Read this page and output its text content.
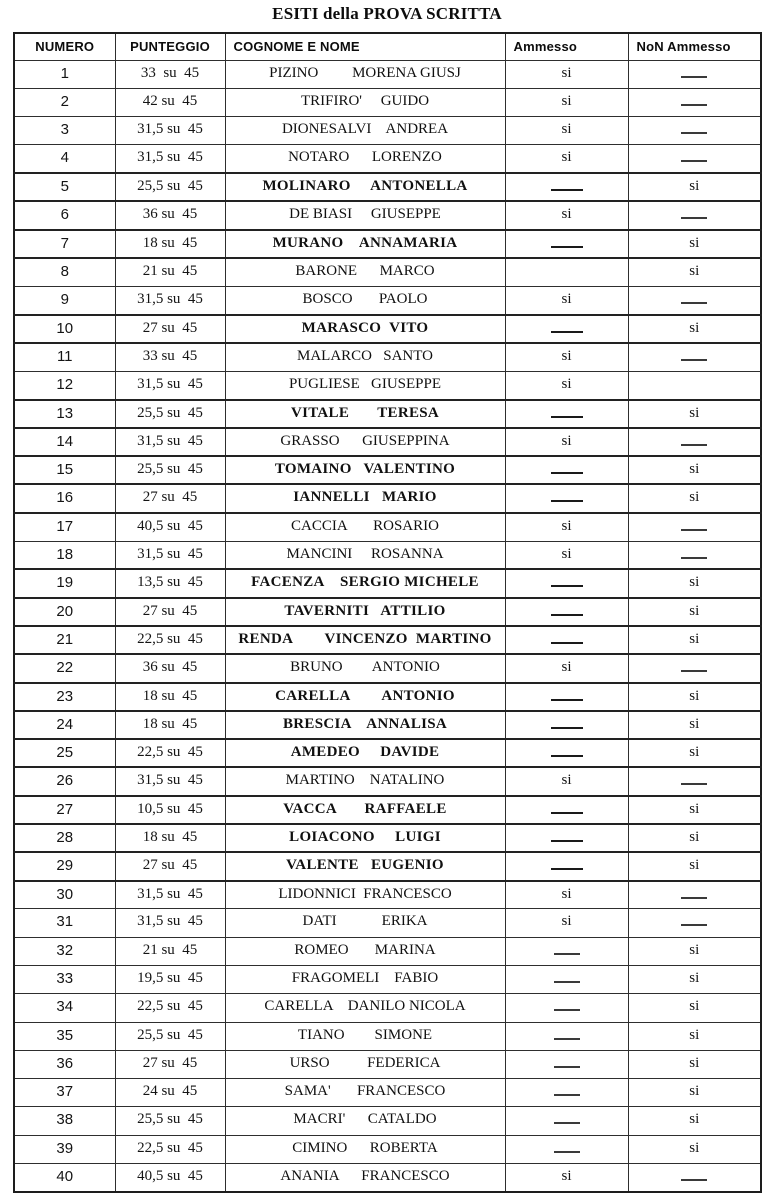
ESITI della PROVA SCRITTA
NUMERO	PUNTEGGIO	COGNOME E NOME	Ammesso	NoN Ammesso
1	33  su  45	PIZINO         MORENA GIUSJ	si	
2	42 su  45	TRIFIRO'     GUIDO	si	
3	31,5 su  45	DIONESALVI    ANDREA	si	
4	31,5 su  45	NOTARO      LORENZO	si	
5	25,5 su  45	MOLINARO     ANTONELLA		si
6	36 su  45	DE BIASI     GIUSEPPE	si	
7	18 su  45	MURANO    ANNAMARIA		si
8	21 su  45	BARONE      MARCO		si
9	31,5 su  45	BOSCO       PAOLO	si	
10	27 su  45	MARASCO  VITO		si
11	33 su  45	MALARCO   SANTO	si	
12	31,5 su  45	PUGLIESE   GIUSEPPE	si	
13	25,5 su  45	VITALE       TERESA		si
14	31,5 su  45	GRASSO      GIUSEPPINA	si	
15	25,5 su  45	TOMAINO   VALENTINO		si
16	27 su  45	IANNELLI   MARIO		si
17	40,5 su  45	CACCIA       ROSARIO	si	
18	31,5 su  45	MANCINI     ROSANNA	si	
19	13,5 su  45	FACENZA    SERGIO MICHELE		si
20	27 su  45	TAVERNITI   ATTILIO		si
21	22,5 su  45	RENDA        VINCENZO  MARTINO		si
22	36 su  45	BRUNO        ANTONIO	si	
23	18 su  45	CARELLA        ANTONIO		si
24	18 su  45	BRESCIA    ANNALISA		si
25	22,5 su  45	AMEDEO     DAVIDE		si
26	31,5 su  45	MARTINO    NATALINO	si	
27	10,5 su  45	VACCA       RAFFAELE		si
28	18 su  45	LOIACONO     LUIGI		si
29	27 su  45	VALENTE   EUGENIO		si
30	31,5 su  45	LIDONNICI  FRANCESCO	si	
31	31,5 su  45	DATI            ERIKA	si	
32	21 su  45	ROMEO       MARINA		si
33	19,5 su  45	FRAGOMELI    FABIO		si
34	22,5 su  45	CARELLA    DANILO NICOLA		si
35	25,5 su  45	TIANO        SIMONE		si
36	27 su  45	URSO          FEDERICA		si
37	24 su  45	SAMA'       FRANCESCO		si
38	25,5 su  45	MACRI'      CATALDO		si
39	22,5 su  45	CIMINO      ROBERTA		si
40	40,5 su  45	ANANIA      FRANCESCO	si	
